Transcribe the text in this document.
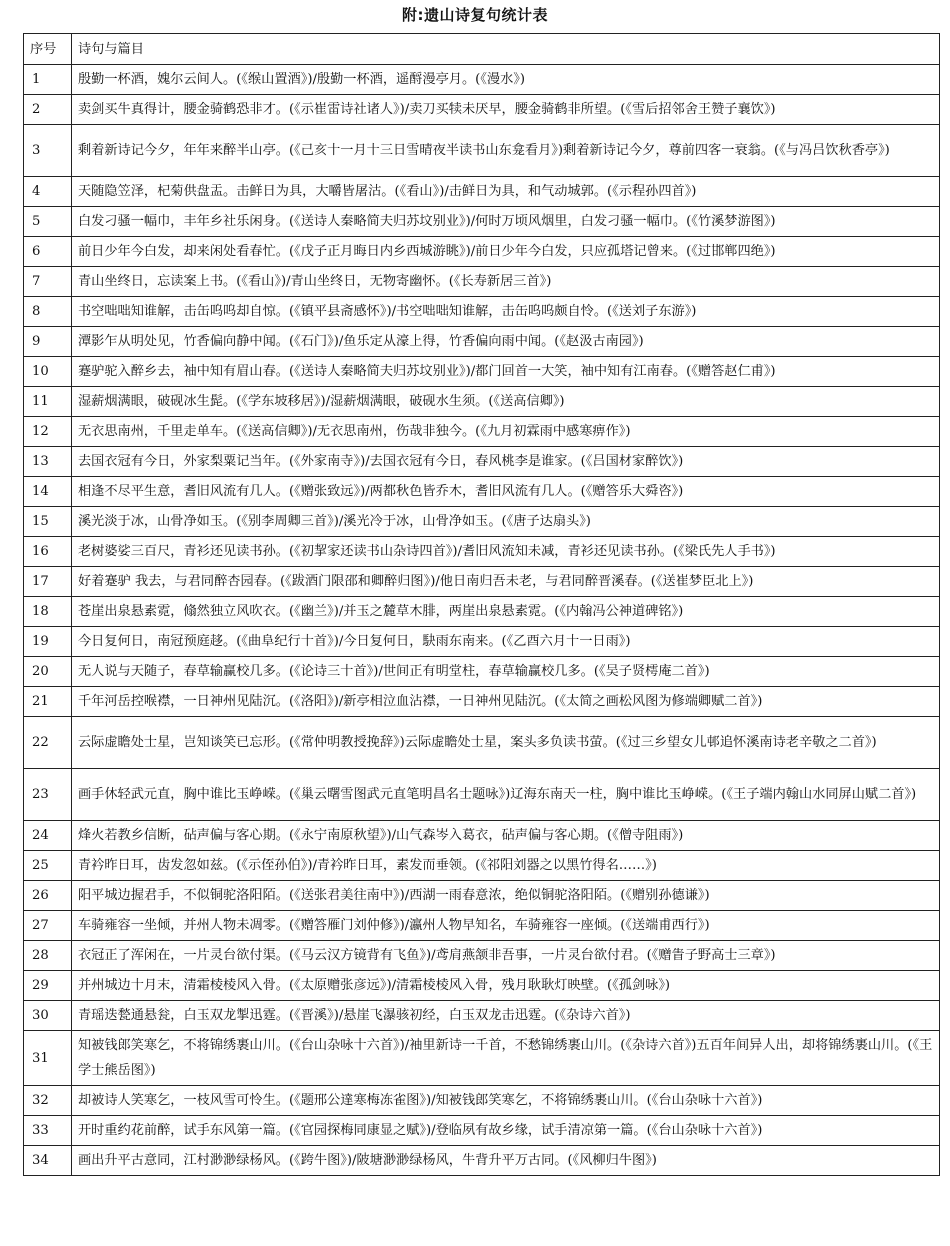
附:遗山诗复句统计表
序号	诗句与篇目
1	殷勤一杯酒，媿尔云间人。(《缑山置酒》)/殷勤一杯酒，遥酹漫亭月。(《漫水》)
2	卖剑买牛真得计，腰金骑鹤恐非才。(《示崔雷诗社诸人》)/卖刀买犊未厌早，腰金骑鹤非所望。(《雪后招邻舍王赞子襄饮》)
3	剩着新诗记今夕，年年来醉半山亭。(《己亥十一月十三日雪晴夜半读书山东龛看月》)剩着新诗记今夕，尊前四客一衰翁。(《与冯吕饮秋香亭》)
4	天随隐笠泽，杞菊供盘盂。击鲜日为具，大嚼皆屠沽。(《看山》)/击鲜日为具，和气动城郭。(《示程孙四首》)
5	白发刁骚一幅巾，丰年乡社乐闲身。(《送诗人秦略简夫归苏坟别业》)/何时万顷风烟里，白发刁骚一幅巾。(《竹溪梦游图》)
6	前日少年今白发，却来闲处看春忙。(《戊子正月晦日内乡西城游眺》)/前日少年今白发，只应孤塔记曾来。(《过邯郸四绝》)
7	青山坐终日，忘读案上书。(《看山》)/青山坐终日，无物寄幽怀。(《长寿新居三首》)
8	书空咄咄知谁解，击缶呜呜却自惊。(《镇平县斋感怀》)/书空咄咄知谁解，击缶呜呜颇自怜。(《送刘子东游》)
9	潭影乍从明处见，竹香偏向静中闻。(《石门》)/鱼乐定从濠上得，竹香偏向雨中闻。(《赵汲古南园》)
10	蹇驴驼入醉乡去，袖中知有眉山春。(《送诗人秦略简夫归苏坟别业》)/都门回首一大笑，袖中知有江南春。(《赠答赵仁甫》)
11	湿薪烟满眼，破砚冰生髭。(《学东坡移居》)/湿薪烟满眼，破砚水生须。(《送高信卿》)
12	无衣思南州，千里走单车。(《送高信卿》)/无衣思南州，伤哉非独今。(《九月初霖雨中感寒痹作》)
13	去国衣冠有今日，外家梨粟记当年。(《外家南寺》)/去国衣冠有今日，春风桃李是谁家。(《吕国材家醉饮》)
14	相逢不尽平生意，耆旧风流有几人。(《赠张致远》)/两都秋色皆乔木，耆旧风流有几人。(《赠答乐大舜咨》)
15	溪光淡于冰，山骨净如玉。(《别李周卿三首》)/溪光冷于冰，山骨净如玉。(《唐子达扇头》)
16	老树婆娑三百尺，青衫还见读书孙。(《初挈家还读书山杂诗四首》)/耆旧风流知未减，青衫还见读书孙。(《梁氏先人手书》)
17	好着蹇驴 我去，与君同醉杏园春。(《跋酒门限邵和卿醉归图》)/他日南归吾未老，与君同醉晋溪春。(《送崔梦臣北上》)
18	苍崖出泉悬素霓，翛然独立风吹衣。(《幽兰》)/并玉之麓草木腓，两崖出泉悬素霓。(《内翰冯公神道碑铭》)
19	今日复何日，南冠预庭趍。(《曲阜纪行十首》)/今日复何日，駃雨东南来。(《乙酉六月十一日雨》)
20	无人说与天随子，春草输赢校几多。(《论诗三十首》)/世间正有明堂柱，春草输赢校几多。(《吴子贤樗庵二首》)
21	千年河岳控喉襟，一日神州见陆沉。(《洛阳》)/新亭相泣血沾襟，一日神州见陆沉。(《太简之画松风图为修端卿赋二首》)
22	云际虚瞻处士星，岂知谈笑已忘形。(《常仲明教授挽辞》)云际虚瞻处士星，案头多负读书萤。(《过三乡望女儿邨追怀溪南诗老辛敬之二首》)
23	画手休轻武元直，胸中谁比玉峥嵘。(《巢云曙雪图武元直笔明昌名士题咏》)辽海东南天一柱，胸中谁比玉峥嵘。(《王子端内翰山水同屏山赋二首》)
24	烽火若教乡信断，砧声偏与客心期。(《永宁南原秋望》)/山气森岑入葛衣，砧声偏与客心期。(《僧寺阻雨》)
25	青衿昨日耳，齿发忽如兹。(《示侄孙伯》)/青衿昨日耳，素发而垂领。(《祁阳刘器之以黑竹得名……》)
26	阳平城边握君手，不似铜驼洛阳陌。(《送张君美往南中》)/西湖一雨春意浓，绝似铜驼洛阳陌。(《赠别孙德谦》)
27	车骑雍容一坐倾，并州人物未凋零。(《赠答雁门刘仲修》)/瀛州人物早知名，车骑雍容一座倾。(《送端甫西行》)
28	衣冠正了浑闲在，一片灵台欲付渠。(《马云汉方镜背有飞鱼》)/鸢肩燕颔非吾事，一片灵台欲付君。(《赠眚子野高士三章》)
29	并州城边十月末，清霜棱棱风入骨。(《太原赠张彦远》)/清霜棱棱风入骨，残月耿耿灯映壁。(《孤剑咏》)
30	青瑶迭甃通悬瓮，白玉双龙掣迅霆。(《晋溪》)/悬崖飞瀑骇初经，白玉双龙击迅霆。(《杂诗六首》)
31	知被钱郎笑寒乞，不将锦绣裹山川。(《台山杂咏十六首》)/袖里新诗一千首，不愁锦绣裹山川。(《杂诗六首》)五百年间异人出，却将锦绣裹山川。(《王学士熊岳图》)
32	却被诗人笑寒乞，一枝风雪可怜生。(《题邢公達寒梅冻雀图》)/知被钱郎笑寒乞，不将锦绣裹山川。(《台山杂咏十六首》)
33	开时重约花前醉，试手东风第一篇。(《官园探梅同康显之赋》)/登临夙有故乡缘，试手清凉第一篇。(《台山杂咏十六首》)
34	画出升平古意同，江村渺渺绿杨风。(《跨牛图》)/陂塘渺渺绿杨风，牛背升平万古同。(《风柳归牛图》)
